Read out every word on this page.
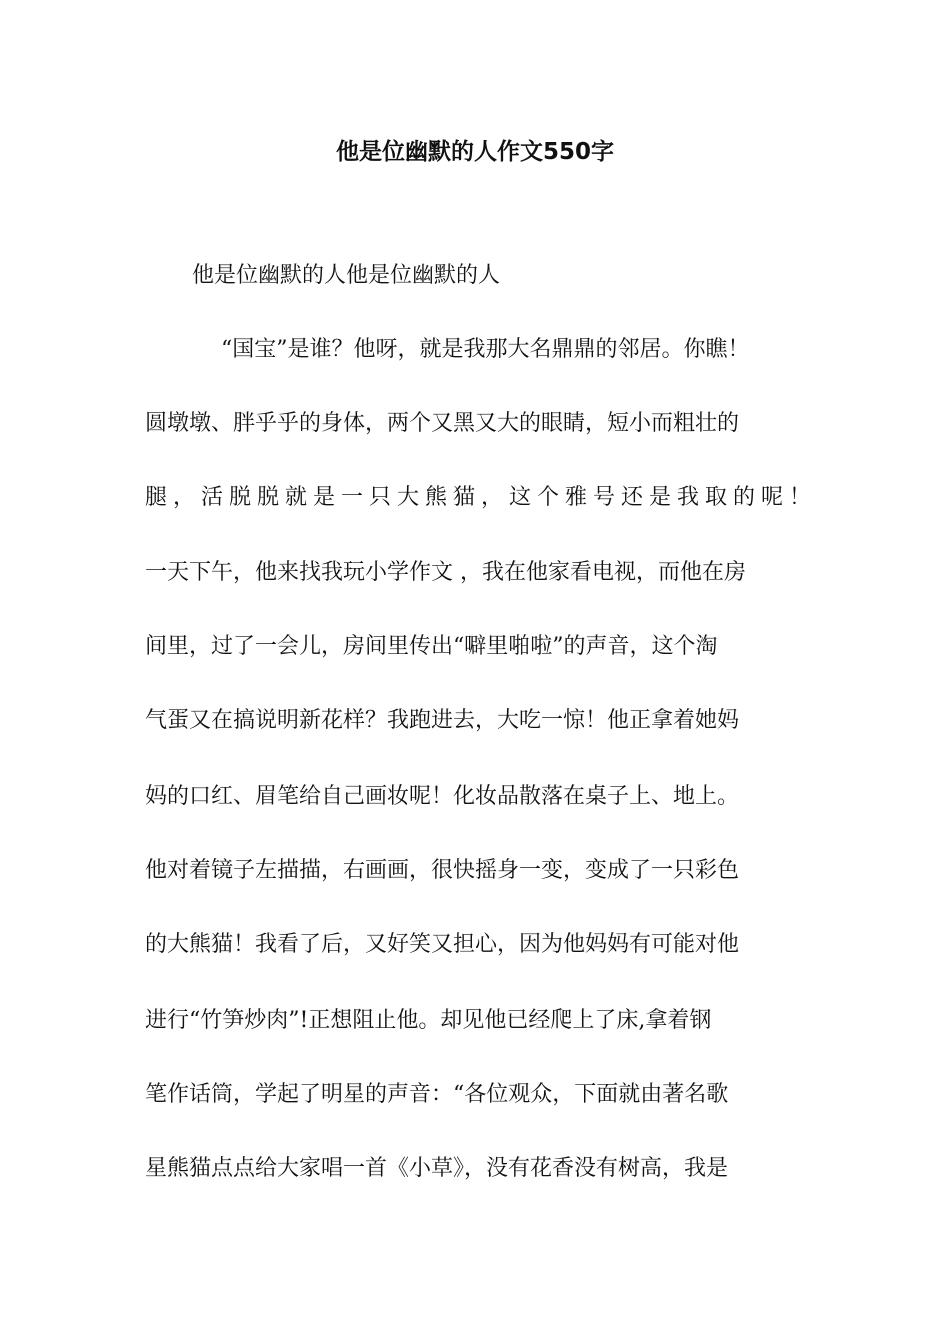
他是位幽默的人作文550字

他是位幽默的人他是位幽默的人

“国宝”是谁？他呀，就是我那大名鼎鼎的邻居。你瞧！

圆墩墩、胖乎乎的身体，两个又黑又大的眼睛，短小而粗壮的

腿，活脱脱就是一只大熊猫，这个雅号还是我取的呢！

一天下午，他来找我玩小学作文 ，我在他家看电视，而他在房

间里，过了一会儿，房间里传出“噼里啪啦”的声音，这个淘

气蛋又在搞说明新花样？我跑进去，大吃一惊！他正拿着她妈

妈的口红、眉笔给自己画妆呢！化妆品散落在桌子上、地上。

他对着镜子左描描，右画画，很快摇身一变，变成了一只彩色

的大熊猫！我看了后，又好笑又担心，因为他妈妈有可能对他

进行“竹笋炒肉”!正想阻止他。却见他已经爬上了床,拿着钢

笔作话筒，学起了明星的声音：“各位观众，下面就由著名歌

星熊猫点点给大家唱一首《小草》，没有花香没有树高，我是
